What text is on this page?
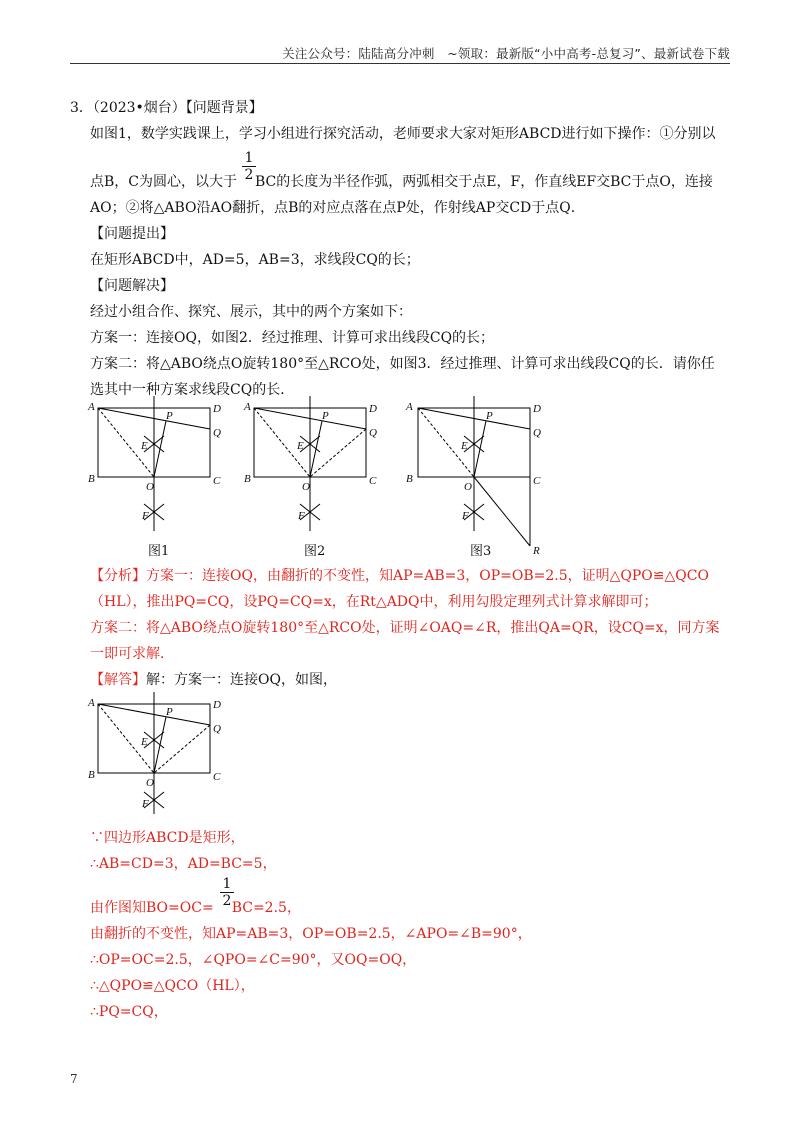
关注公众号：陆陆高分冲刺　~领取：最新版“小中高考-总复习”、最新试卷下载
3．（2023•烟台）【问题背景】
如图1，数学实践课上，学习小组进行探究活动，老师要求大家对矩形ABCD进行如下操作：①分别以
点B，C为圆心，以大于 BC的长度为半径作弧，两弧相交于点E，F，作直线EF交BC于点O，连接
$\frac{1}{2}$
AO；②将△ABO沿AO翻折，点B的对应点落在点P处，作射线AP交CD于点Q．
【问题提出】
在矩形ABCD中，AD=5，AB=3，求线段CQ的长；
【问题解决】
经过小组合作、探究、展示，其中的两个方案如下：
方案一：连接OQ，如图2．经过推理、计算可求出线段CQ的长；
方案二：将△ABO绕点O旋转180°至△RCO处，如图3．经过推理、计算可求出线段CQ的长．请你任
选其中一种方案求线段CQ的长．
A
B	C
D
O
P
Q
E
F
图1
A
B	C
D
O
P
Q
E
F
图2
A
B	C
D
O
P
Q
E
F
R
图3
【分析】方案一：连接OQ，由翻折的不变性，知AP=AB=3，OP=OB=2.5，证明△QPO≌△QCO
（HL），推出PQ=CQ，设PQ=CQ=x，在Rt△ADQ中，利用勾股定理列式计算求解即可；
方案二：将△ABO绕点O旋转180°至△RCO处，证明∠OAQ=∠R，推出QA=QR，设CQ=x，同方案
一即可求解．
【解答】解：方案一：连接OQ，如图，
A
B	C
D
O
P
Q
E
F
∵四边形ABCD是矩形，
∴AB=CD=3，AD=BC=5，
由作图知BO=OC= BC=2.5，
$\frac{1}{2}$
由翻折的不变性，知AP=AB=3，OP=OB=2.5，∠APO=∠B=90°，
∴OP=OC=2.5，∠QPO=∠C=90°，又OQ=OQ，
∴△QPO≌△QCO（HL），
∴PQ=CQ，
7
